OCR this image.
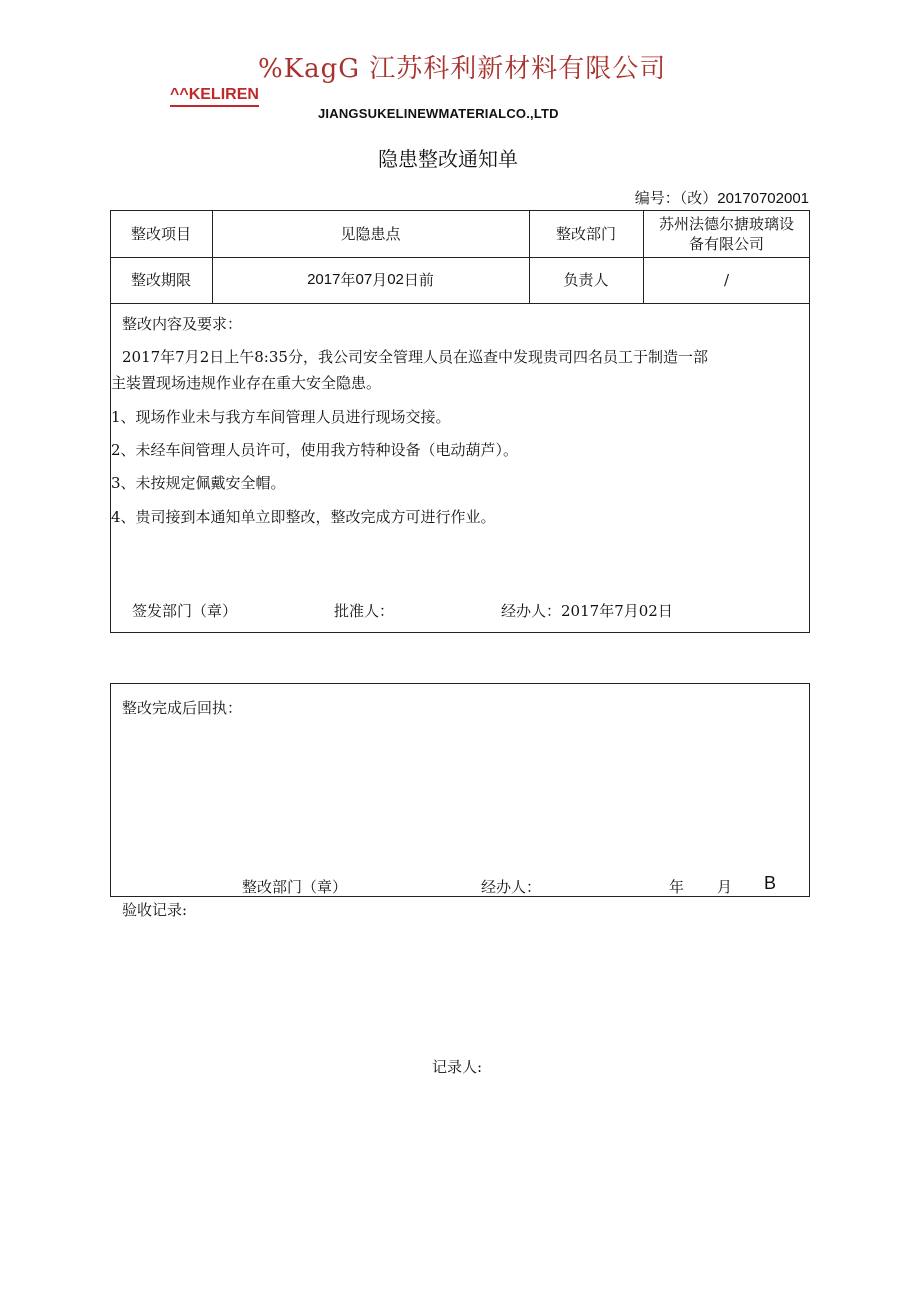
%KagG 江苏科利新材料有限公司
^^KELIREN
JIANGSUKELINEWMATERIALCO.,LTD
隐患整改通知单
编号：（改）20170702001
整改项目	见隐患点	整改部门
苏州法德尔搪玻璃设
备有限公司
整改期限	2017 年 07 月 02 日前	负责人	/
整改内容及要求：
2017年7月2日上午8:35分，我公司安全管理人员在巡查中发现贵司四名员工于制造一部
主装置现场违规作业存在重大安全隐患。
1、现场作业未与我方车间管理人员进行现场交接。
2、未经车间管理人员许可，使用我方特种设备（电动葫芦）。
3、未按规定佩戴安全帽。
4、贵司接到本通知单立即整改，整改完成方可进行作业。
签发部门（章）	批准人：	经办人：2017年7月02日
整改完成后回执：
整改部门（章）	经办人：	年 月 B
验收记录:
记录人:
